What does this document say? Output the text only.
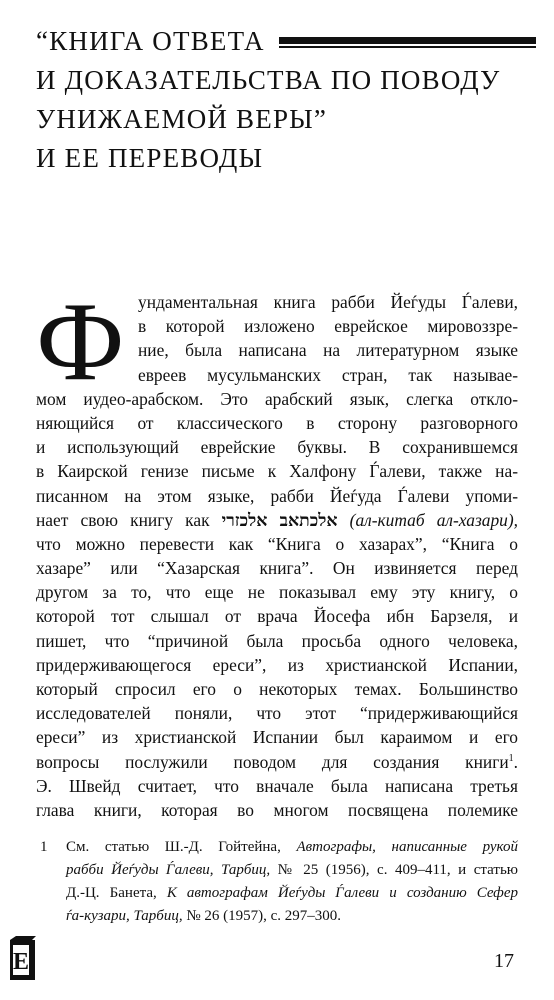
“КНИГА ОТВЕТА
И ДОКАЗАТЕЛЬСТВА ПО ПОВОДУ
УНИЖАЕМОЙ ВЕРЫ”
И ЕЕ ПЕРЕВОДЫ
Ф ундаментальная книга рабби Йеѓуды Ѓалеви,
в которой изложено еврейское мировоззре-
ние, была написана на литературном языке
евреев мусульманских стран, так называе-
мом иудео-арабском. Это арабский язык, слегка откло-
няющийся от классического в сторону разговорного
и использующий еврейские буквы. В сохранившемся
в Каирской генизе письме к Халфону Ѓалеви, также на-
писанном на этом языке, рабби Йеѓуда Ѓалеви упоми-
нает свою книгу как אלכתאב אלכזרי (ал-китаб ал-хазари),
что можно перевести как “Книга о хазарах”, “Книга о
хазаре” или “Хазарская книга”. Он извиняется перед
другом за то, что еще не показывал ему эту книгу, о
которой тот слышал от врача Йосефа ибн Барзеля, и
пишет, что “причиной была просьба одного человека,
придерживающегося ереси”, из христианской Испании,
который спросил его о некоторых темах. Большинство
исследователей поняли, что этот “придерживающийся
ереси” из христианской Испании был караимом и его
вопросы послужили поводом для создания книги$^1$.
Э. Швейд считает, что вначале была написана третья
глава книги, которая во многом посвящена полемике
1	См. статью Ш.-Д. Гойтейна, Автографы, написанные рукой
рабби Йеѓуды Ѓалеви, Тарбиц, № 25 (1956), с. 409–411, и статью
Д.-Ц. Банета, К автографам Йеѓуды Ѓалеви и созданию Сефер
ѓа-кузари, Тарбиц, № 26 (1957), с. 297–300.
E	17
